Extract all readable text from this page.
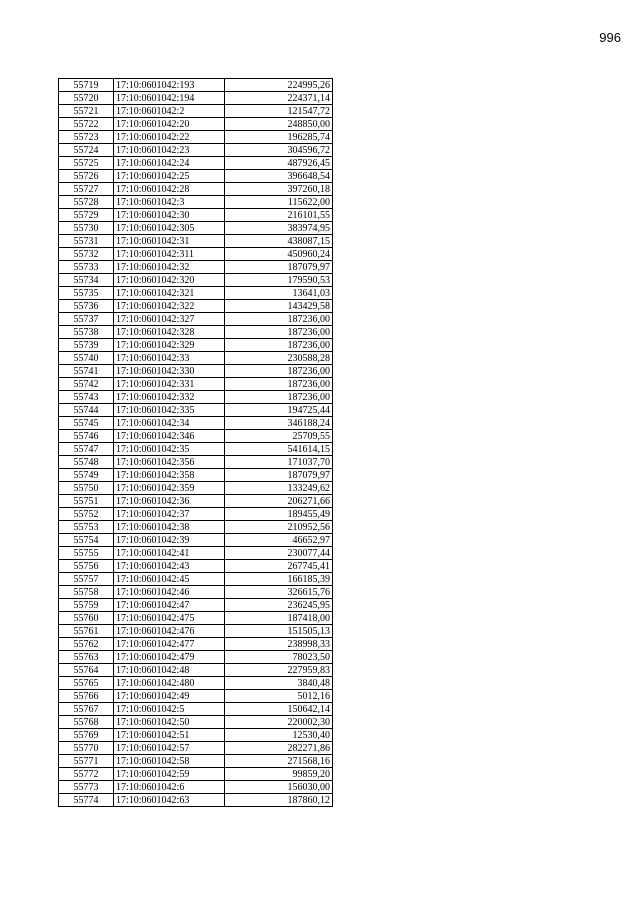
996
55719	17:10:0601042:193	224995,26
55720	17:10:0601042:194	224371,14
55721	17:10:0601042:2	121547,72
55722	17:10:0601042:20	248850,00
55723	17:10:0601042:22	196285,74
55724	17:10:0601042:23	304596,72
55725	17:10:0601042:24	487926,45
55726	17:10:0601042:25	396648,54
55727	17:10:0601042:28	397260,18
55728	17:10:0601042:3	115622,00
55729	17:10:0601042:30	216101,55
55730	17:10:0601042:305	383974,95
55731	17:10:0601042:31	438087,15
55732	17:10:0601042:311	450960,24
55733	17:10:0601042:32	187079,97
55734	17:10:0601042:320	179590,53
55735	17:10:0601042:321	13641,03
55736	17:10:0601042:322	143429,58
55737	17:10:0601042:327	187236,00
55738	17:10:0601042:328	187236,00
55739	17:10:0601042:329	187236,00
55740	17:10:0601042:33	230588,28
55741	17:10:0601042:330	187236,00
55742	17:10:0601042:331	187236,00
55743	17:10:0601042:332	187236,00
55744	17:10:0601042:335	194725,44
55745	17:10:0601042:34	346188,24
55746	17:10:0601042:346	25709,55
55747	17:10:0601042:35	541614,15
55748	17:10:0601042:356	171037,70
55749	17:10:0601042:358	187079,97
55750	17:10:0601042:359	133249,62
55751	17:10:0601042:36	206271,66
55752	17:10:0601042:37	189455,49
55753	17:10:0601042:38	210952,56
55754	17:10:0601042:39	46652,97
55755	17:10:0601042:41	230077,44
55756	17:10:0601042:43	267745,41
55757	17:10:0601042:45	166185,39
55758	17:10:0601042:46	326615,76
55759	17:10:0601042:47	236245,95
55760	17:10:0601042:475	187418,00
55761	17:10:0601042:476	151505,13
55762	17:10:0601042:477	238998,33
55763	17:10:0601042:479	78023,50
55764	17:10:0601042:48	227959,83
55765	17:10:0601042:480	3840,48
55766	17:10:0601042:49	5012,16
55767	17:10:0601042:5	150642,14
55768	17:10:0601042:50	220002,30
55769	17:10:0601042:51	12530,40
55770	17:10:0601042:57	282271,86
55771	17:10:0601042:58	271568,16
55772	17:10:0601042:59	99859,20
55773	17:10:0601042:6	156030,00
55774	17:10:0601042:63	187860,12
